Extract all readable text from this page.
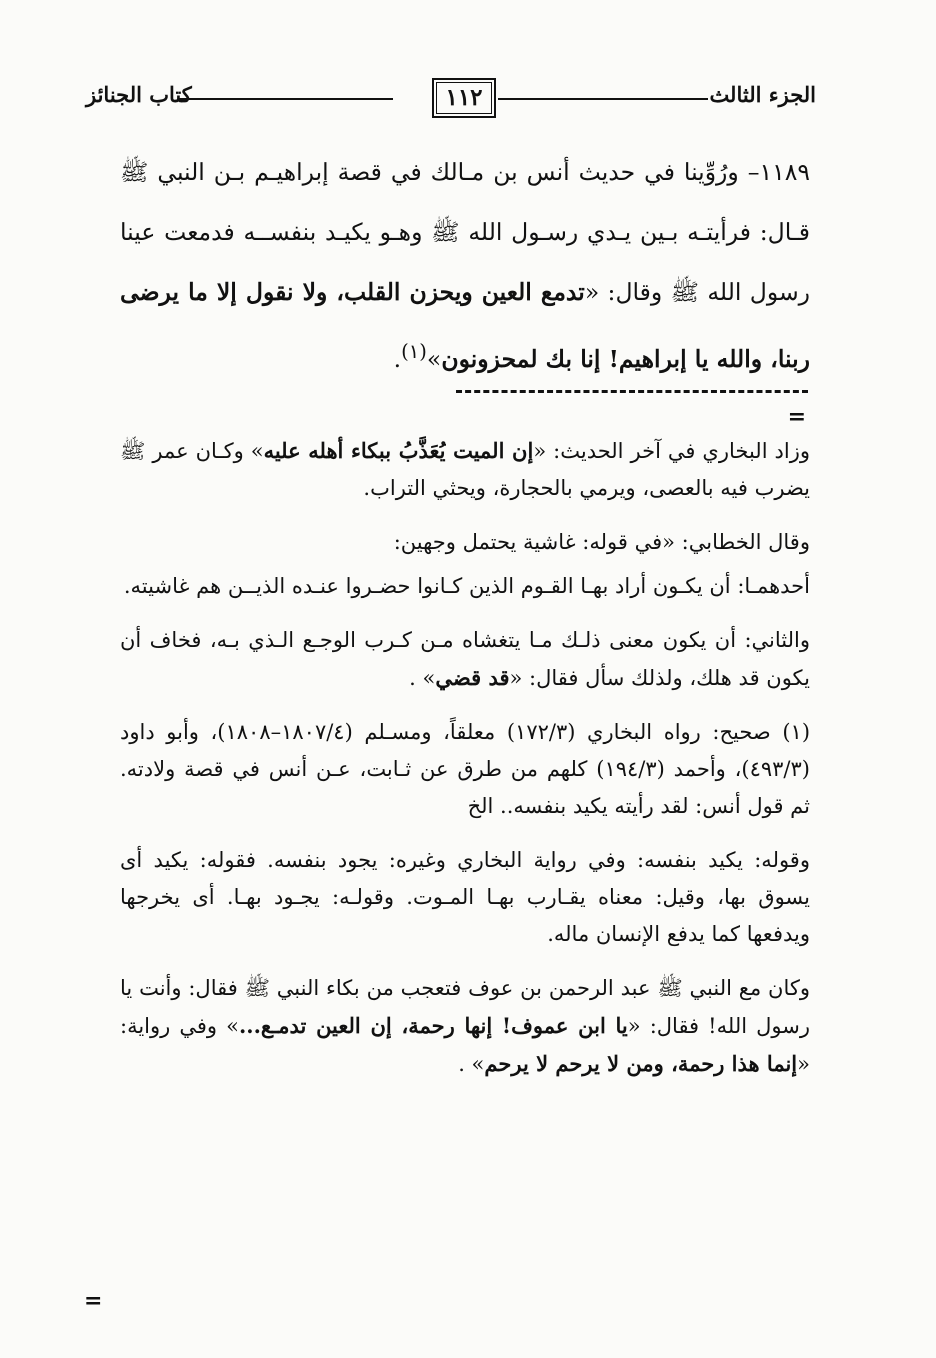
الجزء الثالث
١١٢
كتاب الجنائز

١١٨٩– ورُوِّينا في حديث أنس بن مـالك في قصة إبراهيـم بـن النبي ﷺ قـال: فرأيتـه بـين يـدي رسـول الله ﷺ وهـو يكيـد بنفســه فدمعت عينا رسول الله ﷺ وقال: «تدمع العين ويحزن القلب، ولا نقول إلا ما يرضى ربنا، والله يا إبراهيم! إنا بك لمحزونون»$^{(١)}$.

=

وزاد البخاري في آخر الحديث: «إن الميت يُعَذَّبُ ببكاء أهله عليه» وكـان عمر ﷺ يضرب فيه بالعصى، ويرمي بالحجارة، ويحثي التراب.

وقال الخطابي: «في قوله: غاشية يحتمل وجهين:

أحدهمـا: أن يكـون أراد بهـا القـوم الذين كـانوا حضـروا عنـده الذيــن هم غاشيته.

والثاني: أن يكون معنى ذلـك مـا يتغشاه مـن كـرب الوجـع الـذي بـه، فخاف أن يكون قد هلك، ولذلك سأل فقال: «قد قضي» .

(١) صحيح: رواه البخاري (١٧٢/٣) معلقاً، ومسـلم (١٨٠٧/٤–١٨٠٨)، وأبو داود (٤٩٣/٣)، وأحمد (١٩٤/٣) كلهم من طرق عن ثـابت، عـن أنس في قصة ولادته. ثم قول أنس: لقد رأيته يكيد بنفسه.. الخ

وقوله: يكيد بنفسه: وفي رواية البخاري وغيره: يجود بنفسه. فقوله: يكيد أى يسوق بها، وقيل: معناه يقـارب بهـا المـوت. وقولـه: يجـود بهـا. أى يخرجها ويدفعها كما يدفع الإنسان ماله.

وكان مع النبي ﷺ عبد الرحمن بن عوف فتعجب من بكاء النبي ﷺ فقال: وأنت يا رسول الله! فقال: «يا ابن عموف! إنها رحمة، إن العين تدمـع...» وفي رواية: «إنما هذا رحمة، ومن لا يرحم لا يرحم» .

=
